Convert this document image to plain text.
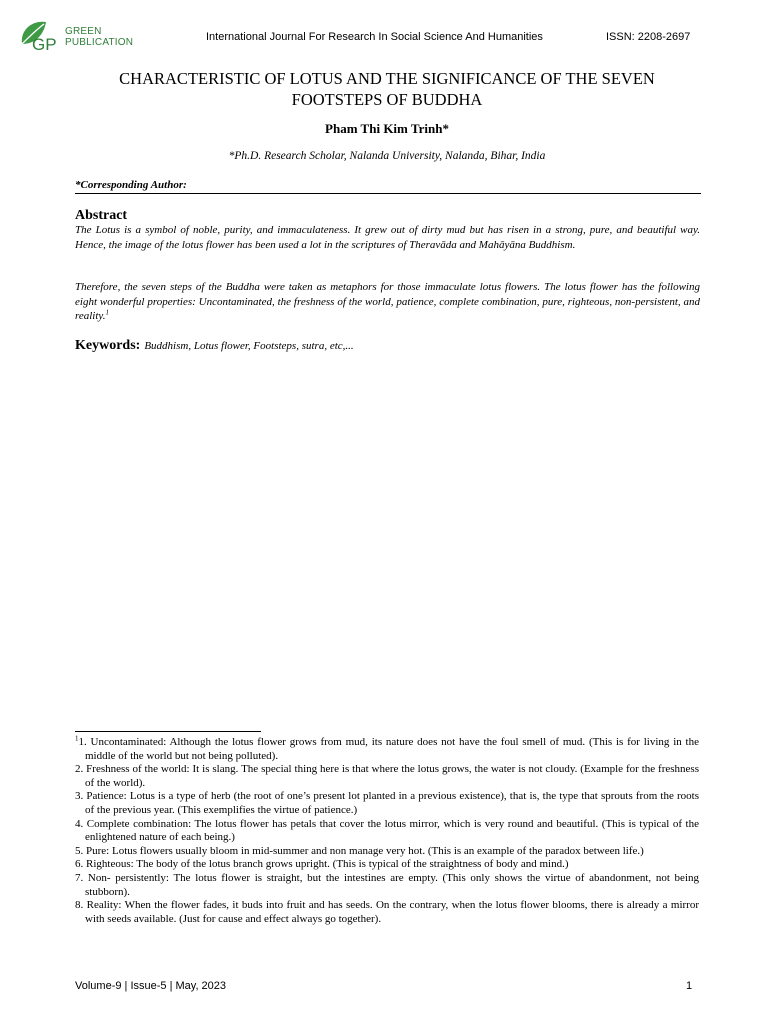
GP
GREEN
PUBLICATION	International Journal For Research In Social Science And Humanities	ISSN: 2208-2697
CHARACTERISTIC OF LOTUS AND THE SIGNIFICANCE OF THE SEVEN
FOOTSTEPS OF BUDDHA
Pham Thi Kim Trinh*
*Ph.D. Research Scholar, Nalanda University, Nalanda, Bihar, India
*Corresponding Author:
Abstract

The Lotus is a symbol of noble, purity, and immaculateness. It grew out of dirty mud but has risen in a strong, pure, and beautiful way. Hence, the image of the lotus flower has been used a lot in the scriptures of Theravāda and Mahāyāna Buddhism.

Therefore, the seven steps of the Buddha were taken as metaphors for those immaculate lotus flowers. The lotus flower has the following eight wonderful properties: Uncontaminated, the freshness of the world, patience, complete combination, pure, righteous, non-persistent, and reality.$^1$

Keywords: Buddhism, Lotus flower, Footsteps, sutra, etc,...

$^1$1. Uncontaminated: Although the lotus flower grows from mud, its nature does not have the foul smell of mud. (This is for living in the middle of the world but not being polluted).

2. Freshness of the world: It is slang. The special thing here is that where the lotus grows, the water is not cloudy. (Example for the freshness of the world).

3. Patience: Lotus is a type of herb (the root of one’s present lot planted in a previous existence), that is, the type that sprouts from the roots of the previous year. (This exemplifies the virtue of patience.)

4. Complete combination: The lotus flower has petals that cover the lotus mirror, which is very round and beautiful. (This is typical of the enlightened nature of each being.)

5. Pure: Lotus flowers usually bloom in mid-summer and non manage very hot. (This is an example of the paradox between life.)

6. Righteous: The body of the lotus branch grows upright. (This is typical of the straightness of body and mind.)

7. Non- persistently: The lotus flower is straight, but the intestines are empty. (This only shows the virtue of abandonment, not being stubborn).

8. Reality: When the flower fades, it buds into fruit and has seeds. On the contrary, when the lotus flower blooms, there is already a mirror with seeds available. (Just for cause and effect always go together).

Volume-9 | Issue-5 | May, 2023	1
